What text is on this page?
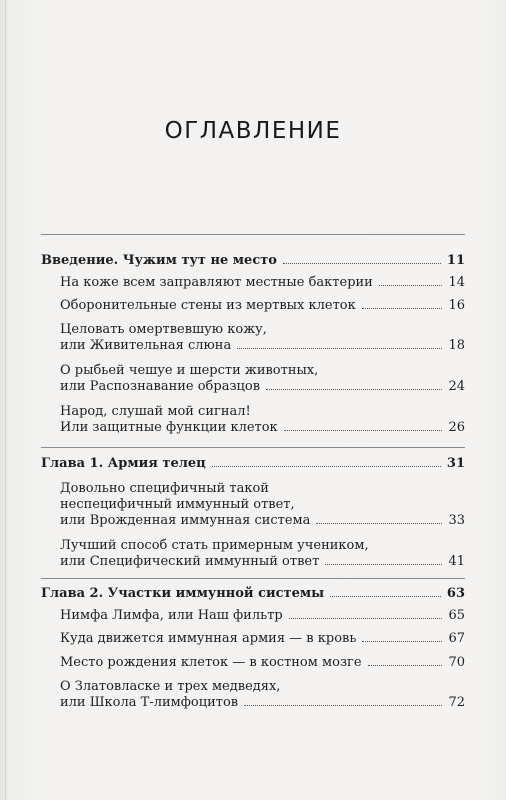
ОГЛАВЛЕНИЕ
Введение. Чужим тут не место	11
На коже всем заправляют местные бактерии	14
Оборонительные стены из мертвых клеток	16
Целовать омертвевшую кожу,
или Живительная слюна	18
О рыбьей чешуе и шерсти животных,
или Распознавание образцов	24
Народ, слушай мой сигнал!
Или защитные функции клеток	26
Глава 1. Армия телец	31
Довольно специфичный такой
неспецифичный иммунный ответ,
или Врожденная иммунная система	33
Лучший способ стать примерным учеником,
или Специфический иммунный ответ	41
Глава 2. Участки иммунной системы	63
Нимфа Лимфа, или Наш фильтр	65
Куда движется иммунная армия — в кровь	67
Место рождения клеток — в костном мозге	70
О Златовласке и трех медведях,
или Школа Т-лимфоцитов	72
